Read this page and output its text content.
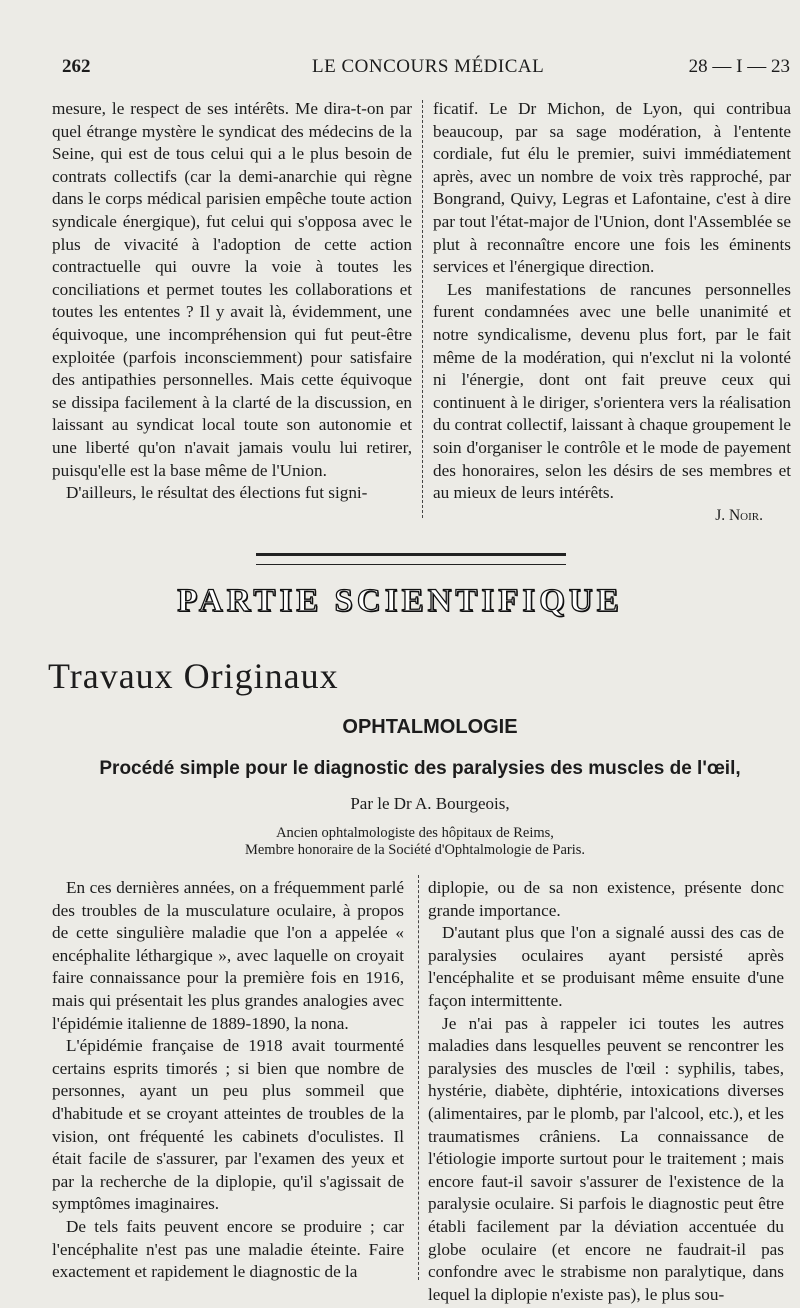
262	LE CONCOURS MÉDICAL	28 — I — 23

mesure, le respect de ses intérêts. Me dira-t-on par quel étrange mystère le syndicat des médecins de la Seine, qui est de tous celui qui a le plus besoin de contrats collectifs (car la demi-anarchie qui règne dans le corps médical parisien empêche toute action syndicale énergique), fut celui qui s'opposa avec le plus de vivacité à l'adoption de cette action contractuelle qui ouvre la voie à toutes les conciliations et permet toutes les collaborations et toutes les ententes ? Il y avait là, évidemment, une équivoque, une incompréhension qui fut peut-être exploitée (parfois inconsciemment) pour satisfaire des antipathies personnelles. Mais cette équivoque se dissipa facilement à la clarté de la discussion, en laissant au syndicat local toute son autonomie et une liberté qu'on n'avait jamais voulu lui retirer, puisqu'elle est la base même de l'Union.

D'ailleurs, le résultat des élections fut signi-

ficatif. Le Dr Michon, de Lyon, qui contribua beaucoup, par sa sage modération, à l'entente cordiale, fut élu le premier, suivi immédiatement après, avec un nombre de voix très rapproché, par Bongrand, Quivy, Legras et Lafontaine, c'est à dire par tout l'état-major de l'Union, dont l'Assemblée se plut à reconnaître encore une fois les éminents services et l'énergique direction.

Les manifestations de rancunes personnelles furent condamnées avec une belle unanimité et notre syndicalisme, devenu plus fort, par le fait même de la modération, qui n'exclut ni la volonté ni l'énergie, dont ont fait preuve ceux qui continuent à le diriger, s'orientera vers la réalisation du contrat collectif, laissant à chaque groupement le soin d'organiser le contrôle et le mode de payement des honoraires, selon les désirs de ses membres et au mieux de leurs intérêts.

J. Noir.

PARTIE SCIENTIFIQUE
Travaux Originaux
OPHTALMOLOGIE
Procédé simple pour le diagnostic des paralysies des muscles de l'œil,
Par le Dr A. Bourgeois,
Ancien ophtalmologiste des hôpitaux de Reims,
Membre honoraire de la Société d'Ophtalmologie de Paris.

En ces dernières années, on a fréquemment parlé des troubles de la musculature oculaire, à propos de cette singulière maladie que l'on a appelée « encéphalite léthargique », avec laquelle on croyait faire connaissance pour la première fois en 1916, mais qui présentait les plus grandes analogies avec l'épidémie italienne de 1889-1890, la nona.

L'épidémie française de 1918 avait tourmenté certains esprits timorés ; si bien que nombre de personnes, ayant un peu plus sommeil que d'habitude et se croyant atteintes de troubles de la vision, ont fréquenté les cabinets d'oculistes. Il était facile de s'assurer, par l'examen des yeux et par la recherche de la diplopie, qu'il s'agissait de symptômes imaginaires.

De tels faits peuvent encore se produire ; car l'encéphalite n'est pas une maladie éteinte. Faire exactement et rapidement le diagnostic de la

diplopie, ou de sa non existence, présente donc grande importance.

D'autant plus que l'on a signalé aussi des cas de paralysies oculaires ayant persisté après l'encéphalite et se produisant même ensuite d'une façon intermittente.

Je n'ai pas à rappeler ici toutes les autres maladies dans lesquelles peuvent se rencontrer les paralysies des muscles de l'œil : syphilis, tabes, hystérie, diabète, diphtérie, intoxications diverses (alimentaires, par le plomb, par l'alcool, etc.), et les traumatismes crâniens. La connaissance de l'étiologie importe surtout pour le traitement ; mais encore faut-il savoir s'assurer de l'existence de la paralysie oculaire. Si parfois le diagnostic peut être établi facilement par la déviation accentuée du globe oculaire (et encore ne faudrait-il pas confondre avec le strabisme non paralytique, dans lequel la diplopie n'existe pas), le plus sou-
